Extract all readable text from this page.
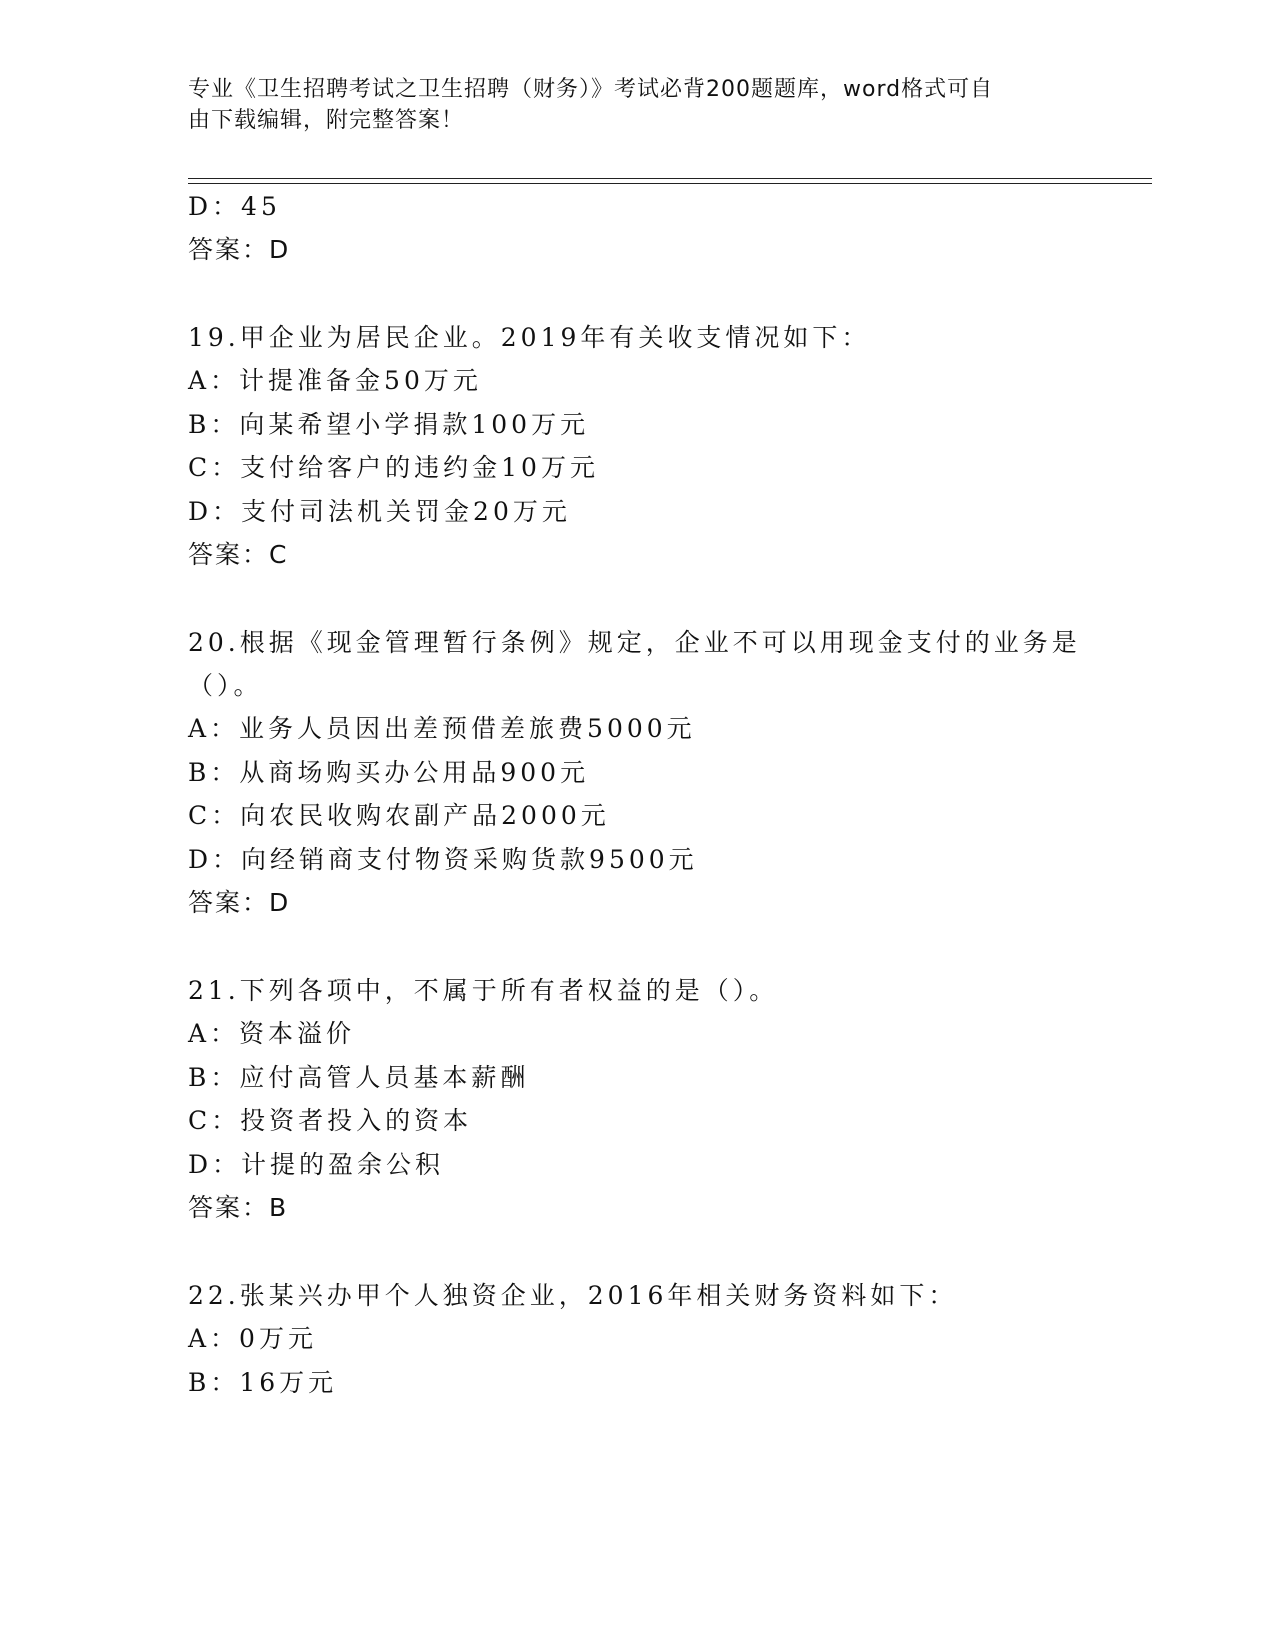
专业《卫生招聘考试之卫生招聘（财务）》考试必背200题题库，word格式可自
由下载编辑，附完整答案！
D：45
答案：D
19.甲企业为居民企业。2019年有关收支情况如下：
A：计提准备金50万元
B：向某希望小学捐款100万元
C：支付给客户的违约金10万元
D：支付司法机关罚金20万元
答案：C
20.根据《现金管理暂行条例》规定，企业不可以用现金支付的业务是
（）。
A：业务人员因出差预借差旅费5000元
B：从商场购买办公用品900元
C：向农民收购农副产品2000元
D：向经销商支付物资采购货款9500元
答案：D
21.下列各项中，不属于所有者权益的是（）。
A：资本溢价
B：应付高管人员基本薪酬
C：投资者投入的资本
D：计提的盈余公积
答案：B
22.张某兴办甲个人独资企业，2016年相关财务资料如下：
A：0万元
B：16万元
